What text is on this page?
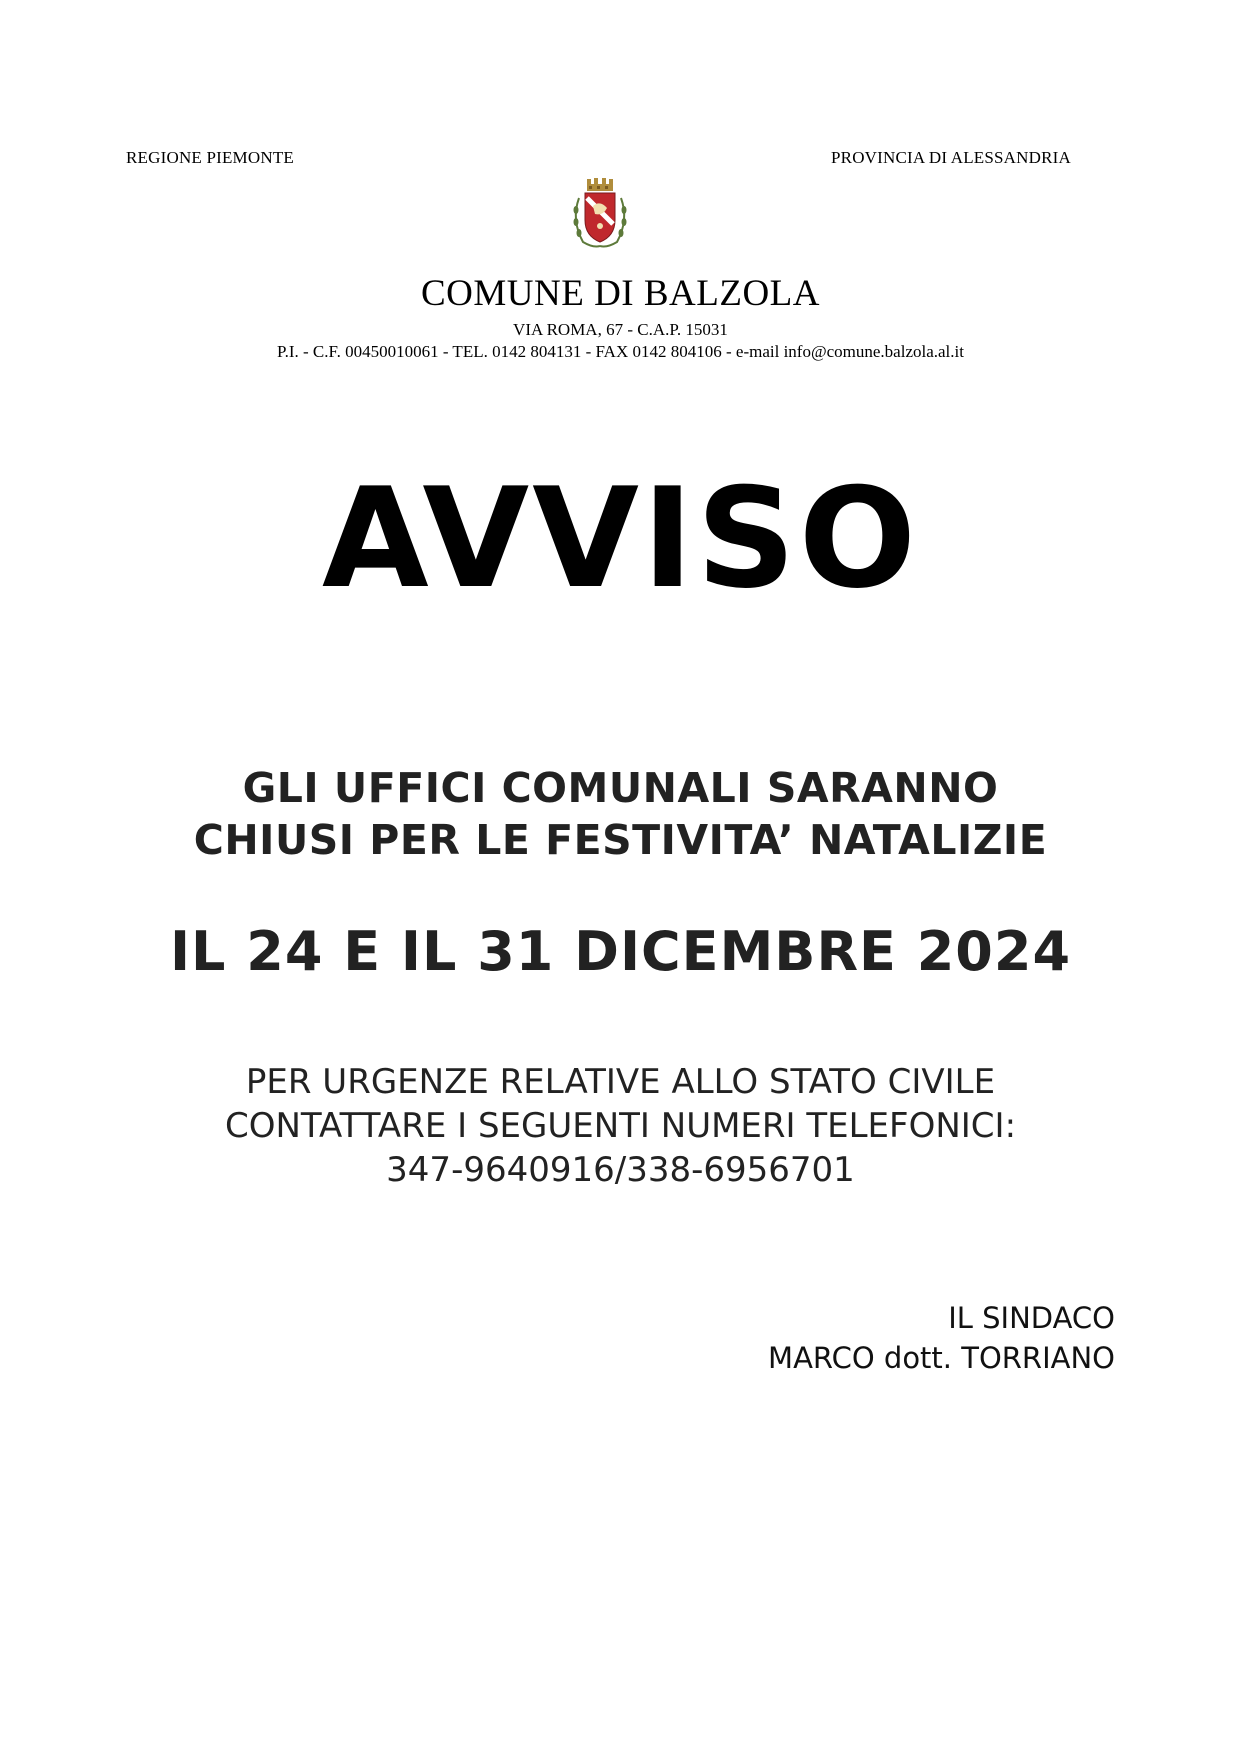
REGIONE PIEMONTE	PROVINCIA DI ALESSANDRIA
COMUNE DI BALZOLA
VIA ROMA, 67 - C.A.P. 15031
P.I. - C.F. 00450010061 - TEL. 0142 804131 - FAX 0142 804106 - e-mail info@comune.balzola.al.it
AVVISO
GLI UFFICI COMUNALI SARANNO
CHIUSI PER LE FESTIVITA’ NATALIZIE
IL 24 E IL 31 DICEMBRE 2024
PER URGENZE RELATIVE ALLO STATO CIVILE
CONTATTARE I SEGUENTI NUMERI TELEFONICI:
347-9640916/338-6956701
IL SINDACO
MARCO dott. TORRIANO
